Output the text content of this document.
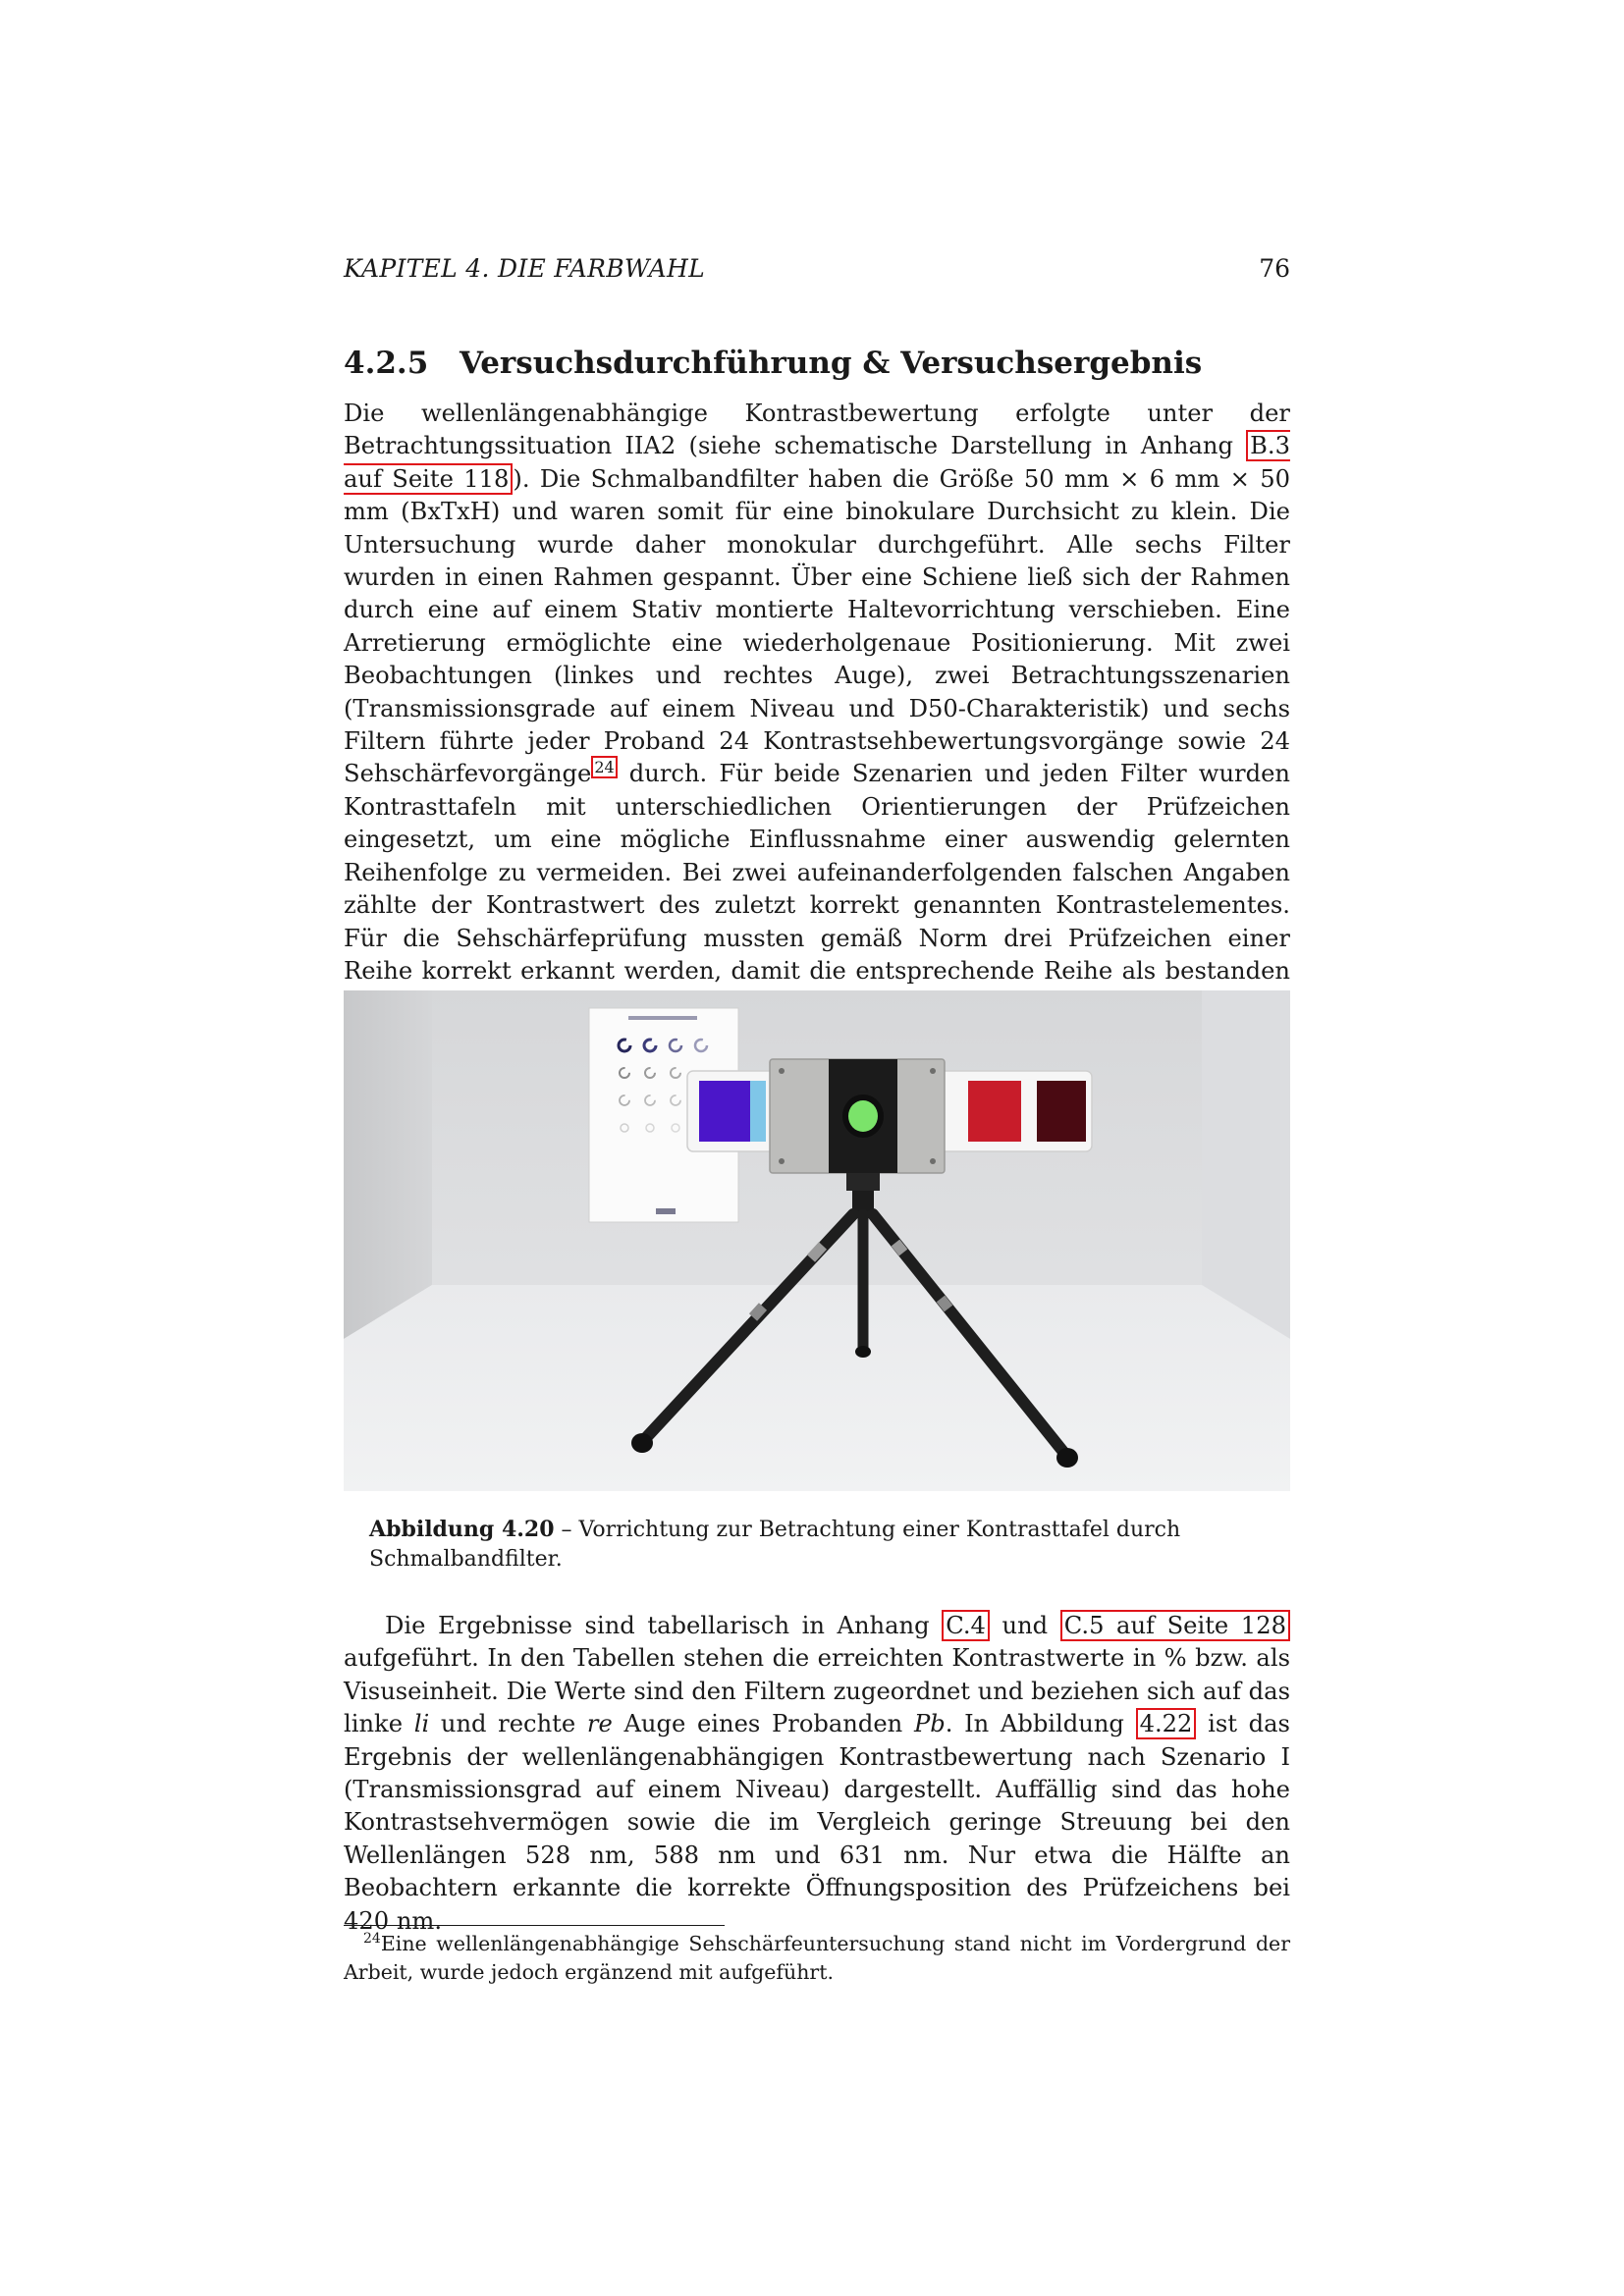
KAPITEL 4. DIE FARBWAHL	76
4.2.5 Versuchsdurchführung & Versuchsergebnis

Die wellenlängenabhängige Kontrastbewertung erfolgte unter der Betrachtungssituation IIA2 (siehe schematische Darstellung in Anhang B.3 auf Seite 118 ). Die Schmalbandfilter haben die Größe 50 mm × 6 mm × 50 mm (BxTxH) und waren somit für eine binokulare Durchsicht zu klein. Die Untersuchung wurde daher monokular durchgeführt. Alle sechs Filter wurden in einen Rahmen gespannt. Über eine Schiene ließ sich der Rahmen durch eine auf einem Stativ montierte Haltevorrichtung verschieben. Eine Arretierung ermöglichte eine wiederholgenaue Positionierung. Mit zwei Beobachtungen (linkes und rechtes Auge), zwei Betrachtungsszenarien (Transmissionsgrade auf einem Niveau und D50-Charakteristik) und sechs Filtern führte jeder Proband 24 Kontrastsehbewertungsvorgänge sowie 24 Sehschärfevorgänge $^{24}$ durch. Für beide Szenarien und jeden Filter wurden Kontrasttafeln mit unterschiedlichen Orientierungen der Prüfzeichen eingesetzt, um eine mögliche Einflussnahme einer auswendig gelernten Reihenfolge zu vermeiden. Bei zwei aufeinanderfolgenden falschen Angaben zählte der Kontrastwert des zuletzt korrekt genannten Kontrastelementes. Für die Sehschärfeprüfung mussten gemäß Norm drei Prüfzeichen einer Reihe korrekt erkannt werden, damit die entsprechende Reihe als bestanden

Abbildung 4.20 – Vorrichtung zur Betrachtung einer Kontrasttafel durch Schmalbandfilter.

Die Ergebnisse sind tabellarisch in Anhang C.4 und C.5 auf Seite 128 aufgeführt. In den Tabellen stehen die erreichten Kontrastwerte in % bzw. als Visuseinheit. Die Werte sind den Filtern zugeordnet und beziehen sich auf das linke li und rechte re Auge eines Probanden Pb. In Abbildung 4.22 ist das Ergebnis der wellenlängenabhängigen Kontrastbewertung nach Szenario I (Transmissionsgrad auf einem Niveau) dargestellt. Auffällig sind das hohe Kontrastsehvermögen sowie die im Vergleich geringe Streuung bei den Wellenlängen 528 nm, 588 nm und 631 nm. Nur etwa die Hälfte an Beobachtern erkannte die korrekte Öffnungsposition des Prüfzeichens bei 420 nm.

$^{24}$Eine wellenlängenabhängige Sehschärfeuntersuchung stand nicht im Vordergrund der Arbeit, wurde jedoch ergänzend mit aufgeführt.
